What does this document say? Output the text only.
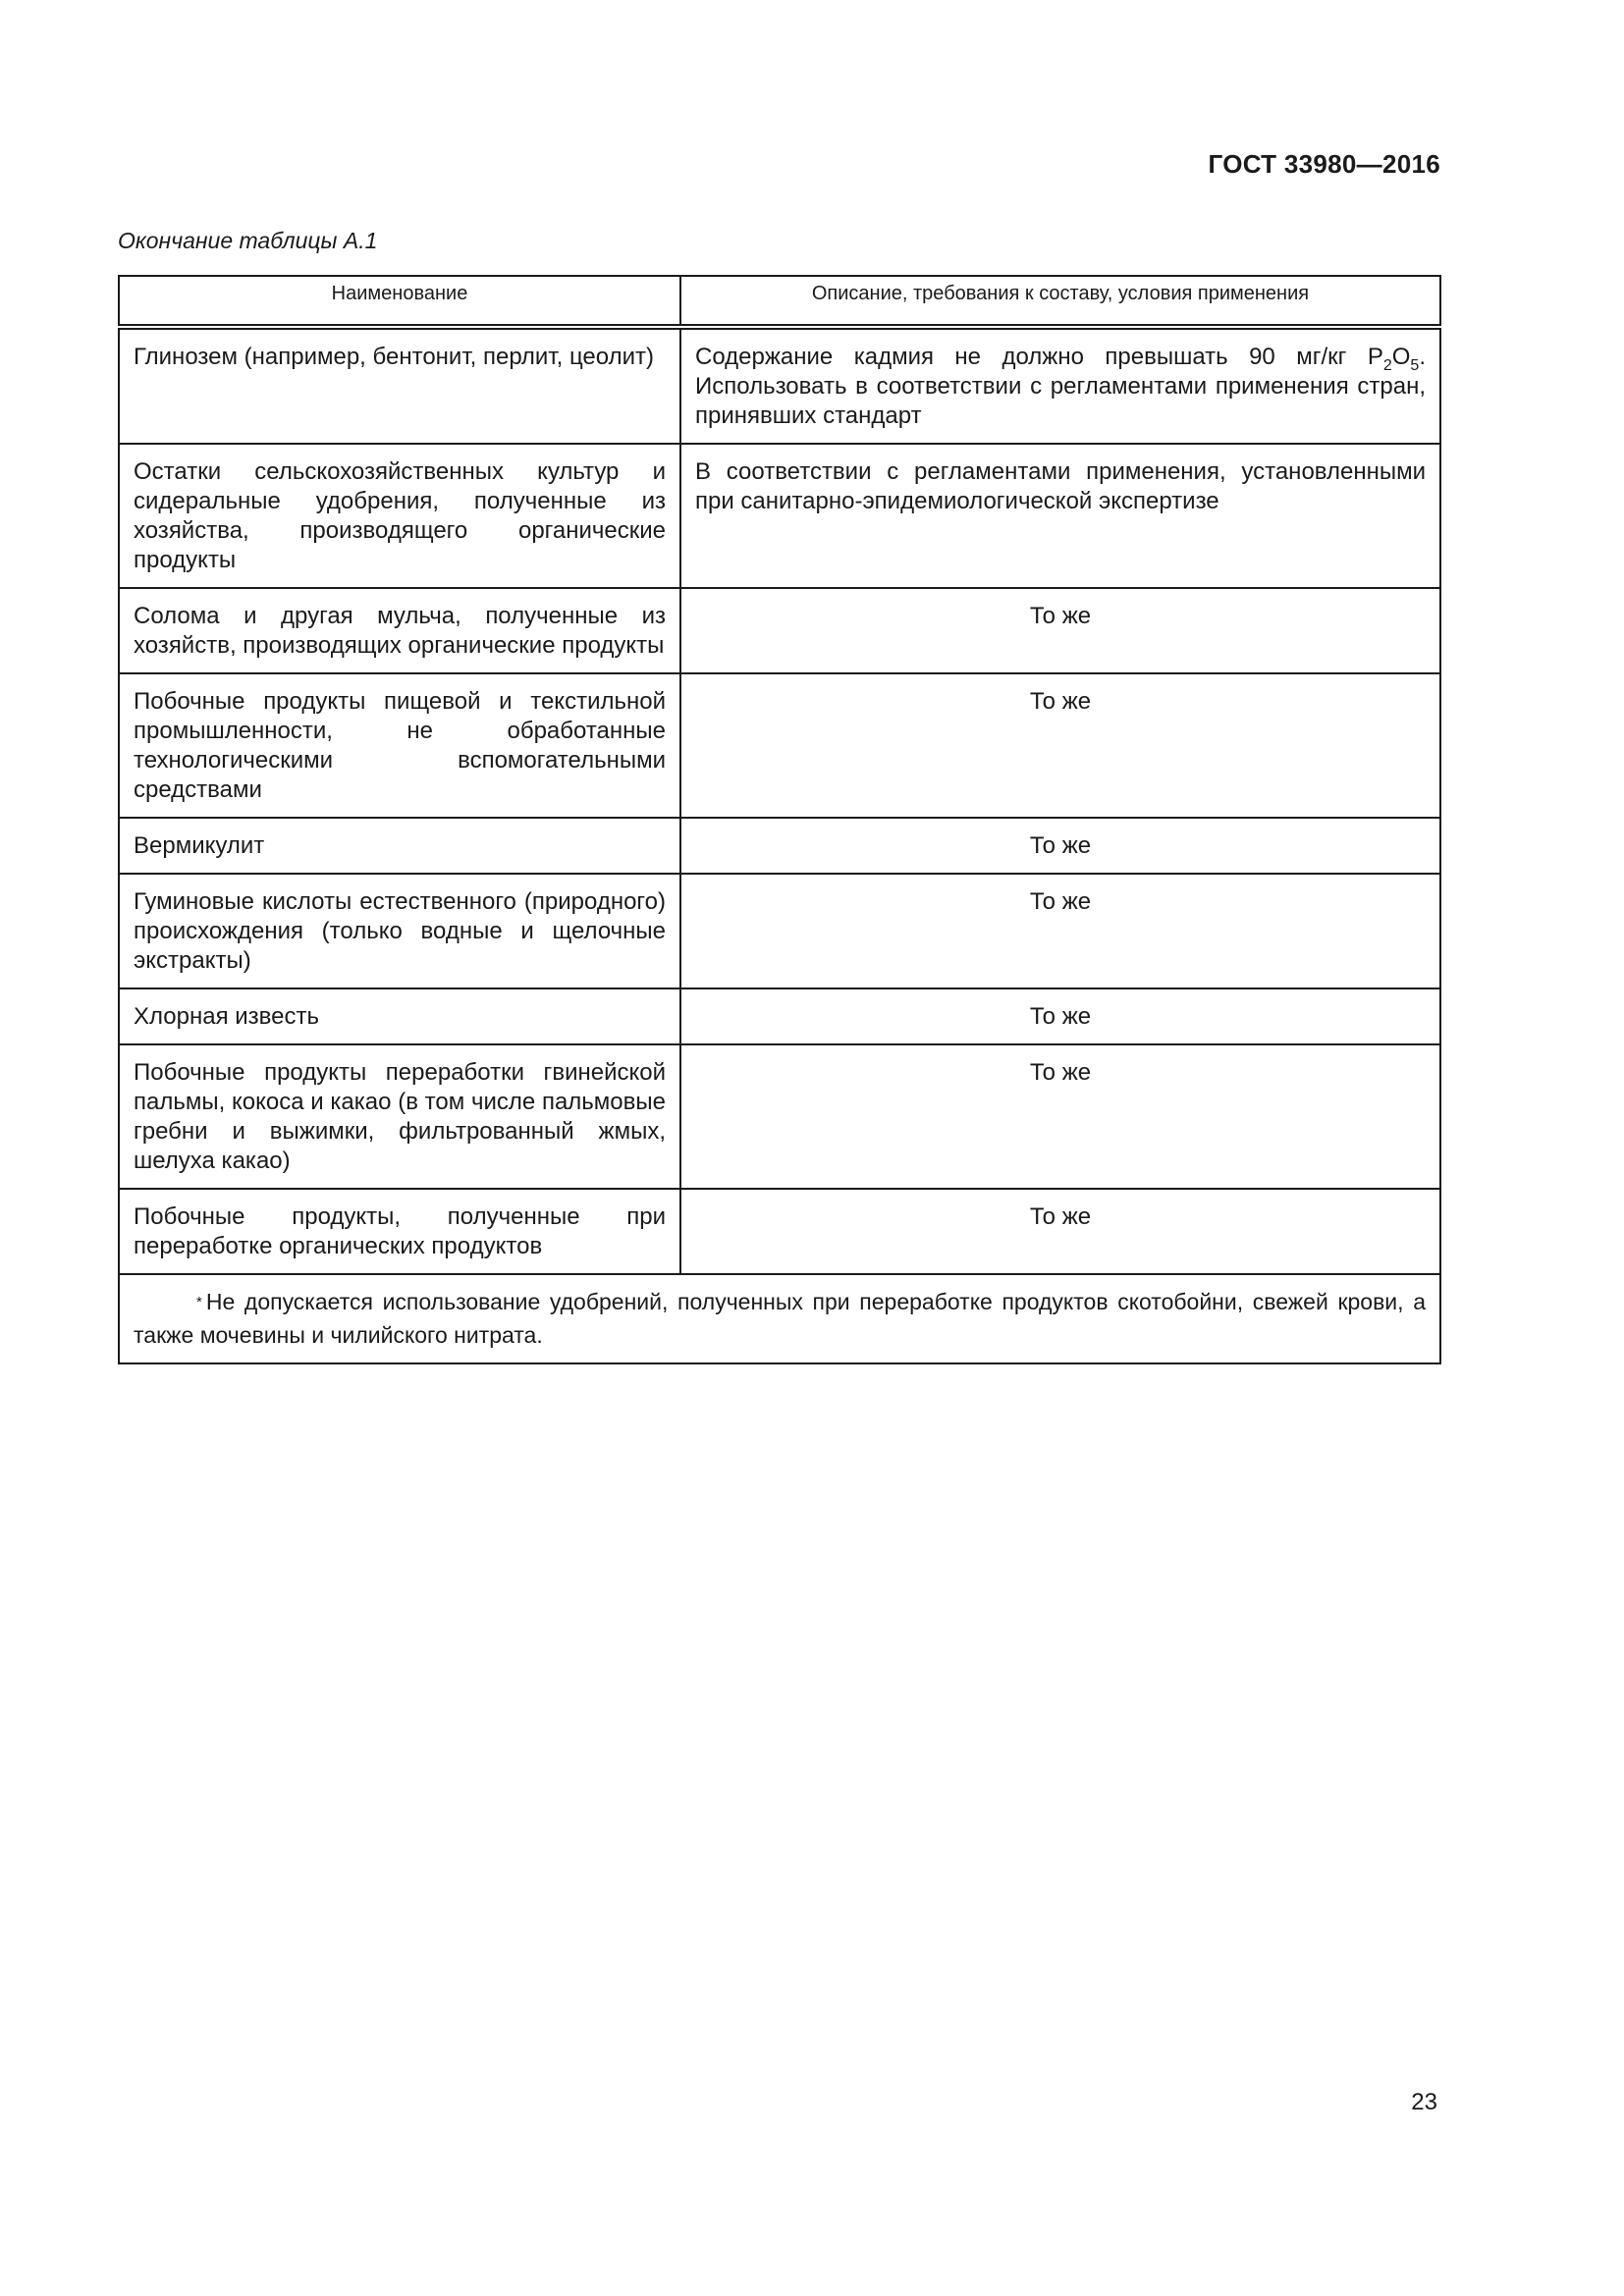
ГОСТ 33980—2016
Окончание таблицы А.1
Наименование	Описание, требования к составу, условия применения
Глинозем (например, бентонит, перлит, цеолит)	Содержание кадмия не должно превышать 90 мг/кг $P_2O_5$. Использовать в соответствии с регламентами применения стран, принявших стандарт
Остатки сельскохозяйственных культур и сидеральные удобрения, полученные из хозяйства, производящего органические продукты	В соответствии с регламентами применения, установленными при санитарно-эпидемиологической экспертизе
Солома и другая мульча, полученные из хозяйств, производящих органические продукты	То же
Побочные продукты пищевой и текстильной промышленности, не обработанные технологическими вспомогательными средствами	То же
Вермикулит	То же
Гуминовые кислоты естественного (природного) происхождения (только водные и щелочные экстракты)	То же
Хлорная известь	То же
Побочные продукты переработки гвинейской пальмы, кокоса и какао (в том числе пальмовые гребни и выжимки, фильтрованный жмых, шелуха какао)	То же
Побочные продукты, полученные при переработке органических продуктов	То же
* Не допускается использование удобрений, полученных при переработке продуктов скотобойни, свежей крови, а также мочевины и чилийского нитрата.	
23
